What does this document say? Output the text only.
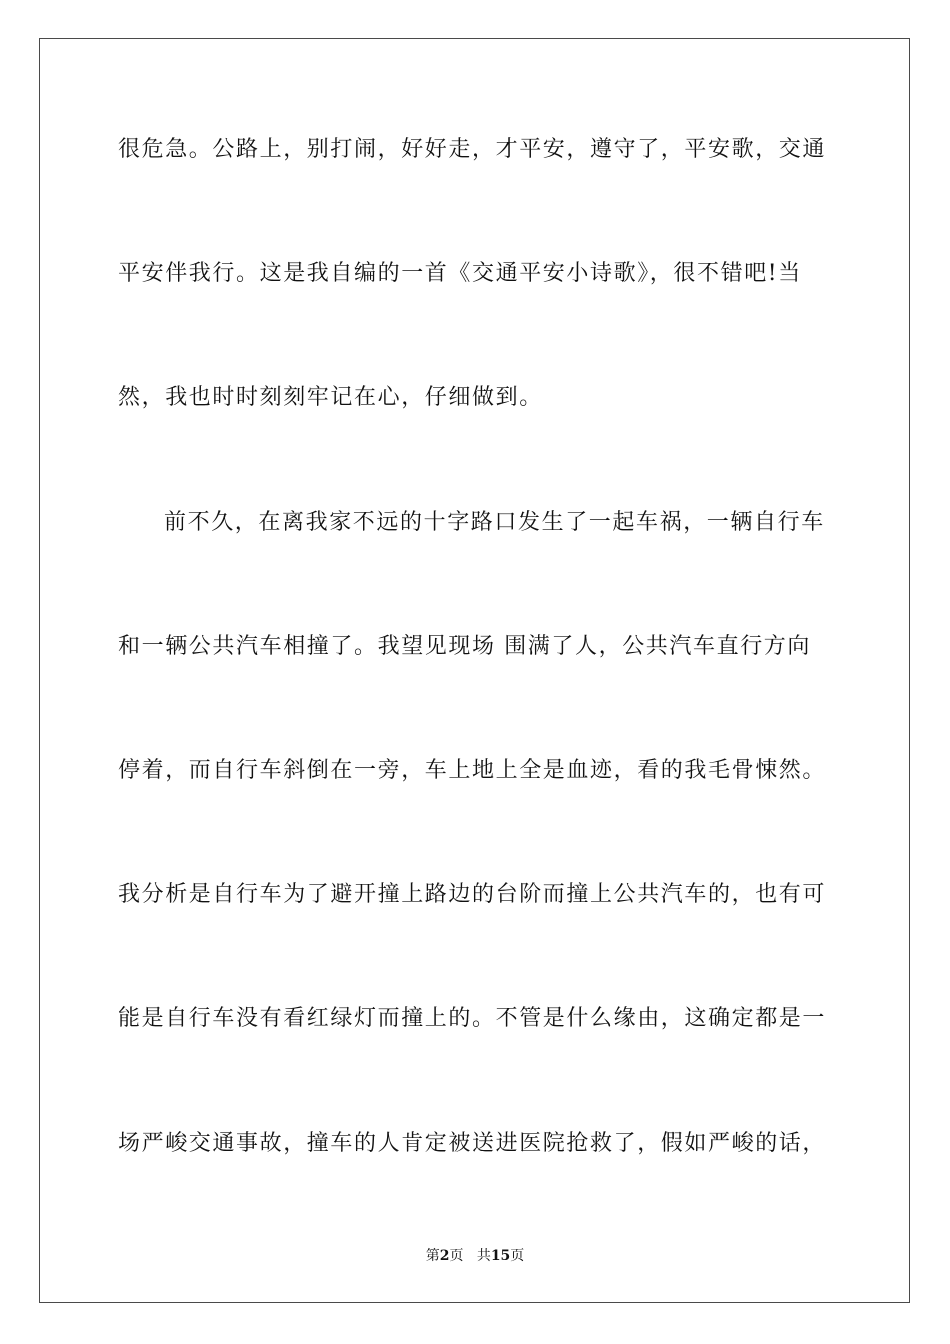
很危急。公路上，别打闹，好好走，才平安，遵守了，平安歌，交通
平安伴我行。这是我自编的一首《交通平安小诗歌》，很不错吧!当
然，我也时时刻刻牢记在心，仔细做到。
前不久，在离我家不远的十字路口发生了一起车祸，一辆自行车
和一辆公共汽车相撞了。我望见现场 围满了人，公共汽车直行方向
停着，而自行车斜倒在一旁，车上地上全是血迹，看的我毛骨悚然。
我分析是自行车为了避开撞上路边的台阶而撞上公共汽车的，也有可
能是自行车没有看红绿灯而撞上的。不管是什么缘由，这确定都是一
场严峻交通事故，撞车的人肯定被送进医院抢救了，假如严峻的话，
第2页 共15页
